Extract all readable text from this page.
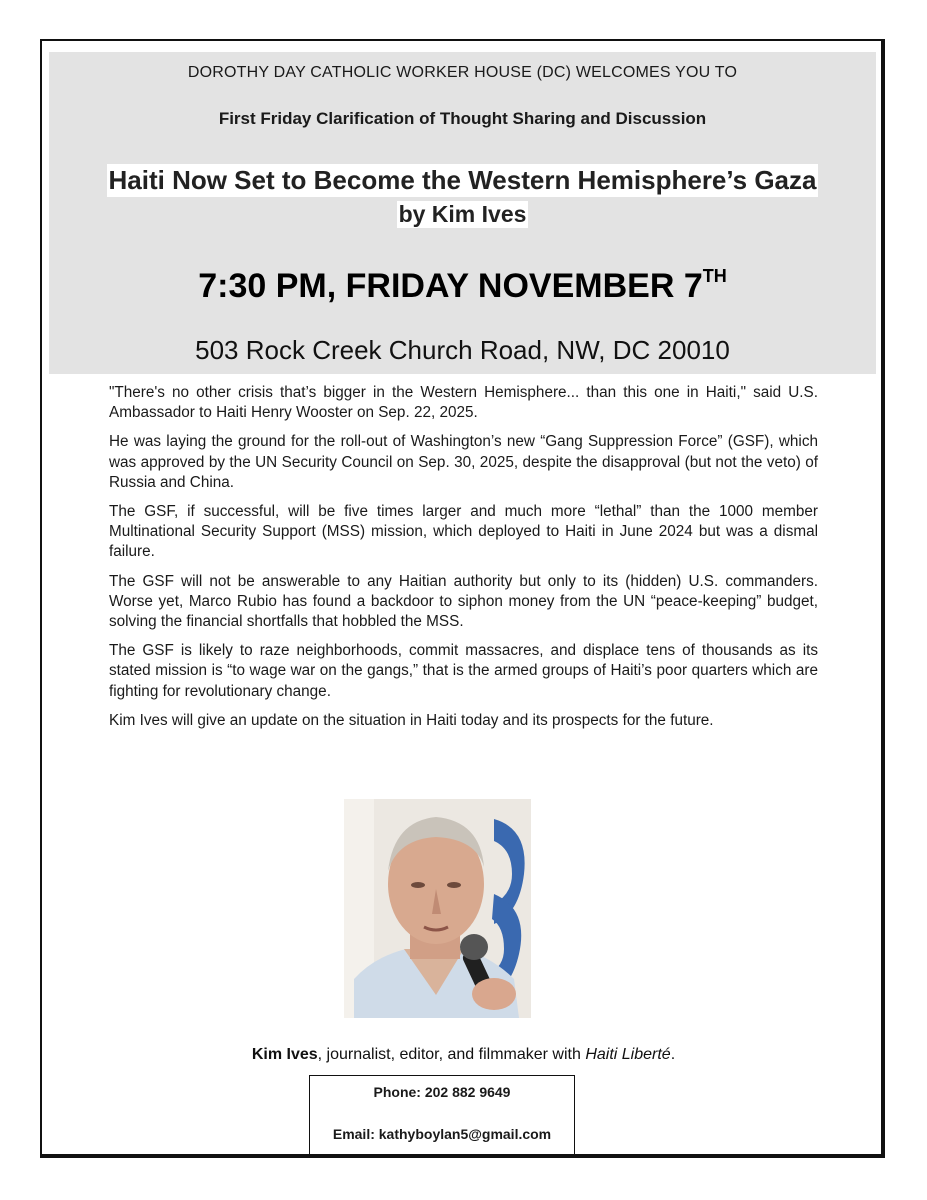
DOROTHY DAY CATHOLIC WORKER HOUSE (DC) WELCOMES YOU TO
First Friday Clarification of Thought Sharing and Discussion
Haiti Now Set to Become the Western Hemisphere’s Gaza
by Kim Ives
7:30 PM, FRIDAY NOVEMBER 7TH
503 Rock Creek Church Road, NW, DC 20010

"There's no other crisis that’s bigger in the Western Hemisphere... than this one in Haiti," said U.S. Ambassador to Haiti Henry Wooster on Sep. 22, 2025.

He was laying the ground for the roll-out of Washington’s new “Gang Suppression Force” (GSF), which was approved by the UN Security Council on Sep. 30, 2025, despite the disapproval (but not the veto) of Russia and China.

The GSF, if successful, will be five times larger and much more “lethal” than the 1000 member Multinational Security Support (MSS) mission, which deployed to Haiti in June 2024 but was a dismal failure.

The GSF will not be answerable to any Haitian authority but only to its (hidden) U.S. commanders. Worse yet, Marco Rubio has found a backdoor to siphon money from the UN “peace-keeping” budget, solving the financial shortfalls that hobbled the MSS.

The GSF is likely to raze neighborhoods, commit massacres, and displace tens of thousands as its stated mission is “to wage war on the gangs,” that is the armed groups of Haiti’s poor quarters which are fighting for revolutionary change.

Kim Ives will give an update on the situation in Haiti today and its prospects for the future.

Kim Ives, journalist, editor, and filmmaker with Haiti Liberté.
Phone: 202 882 9649
Email: kathyboylan5@gmail.com
